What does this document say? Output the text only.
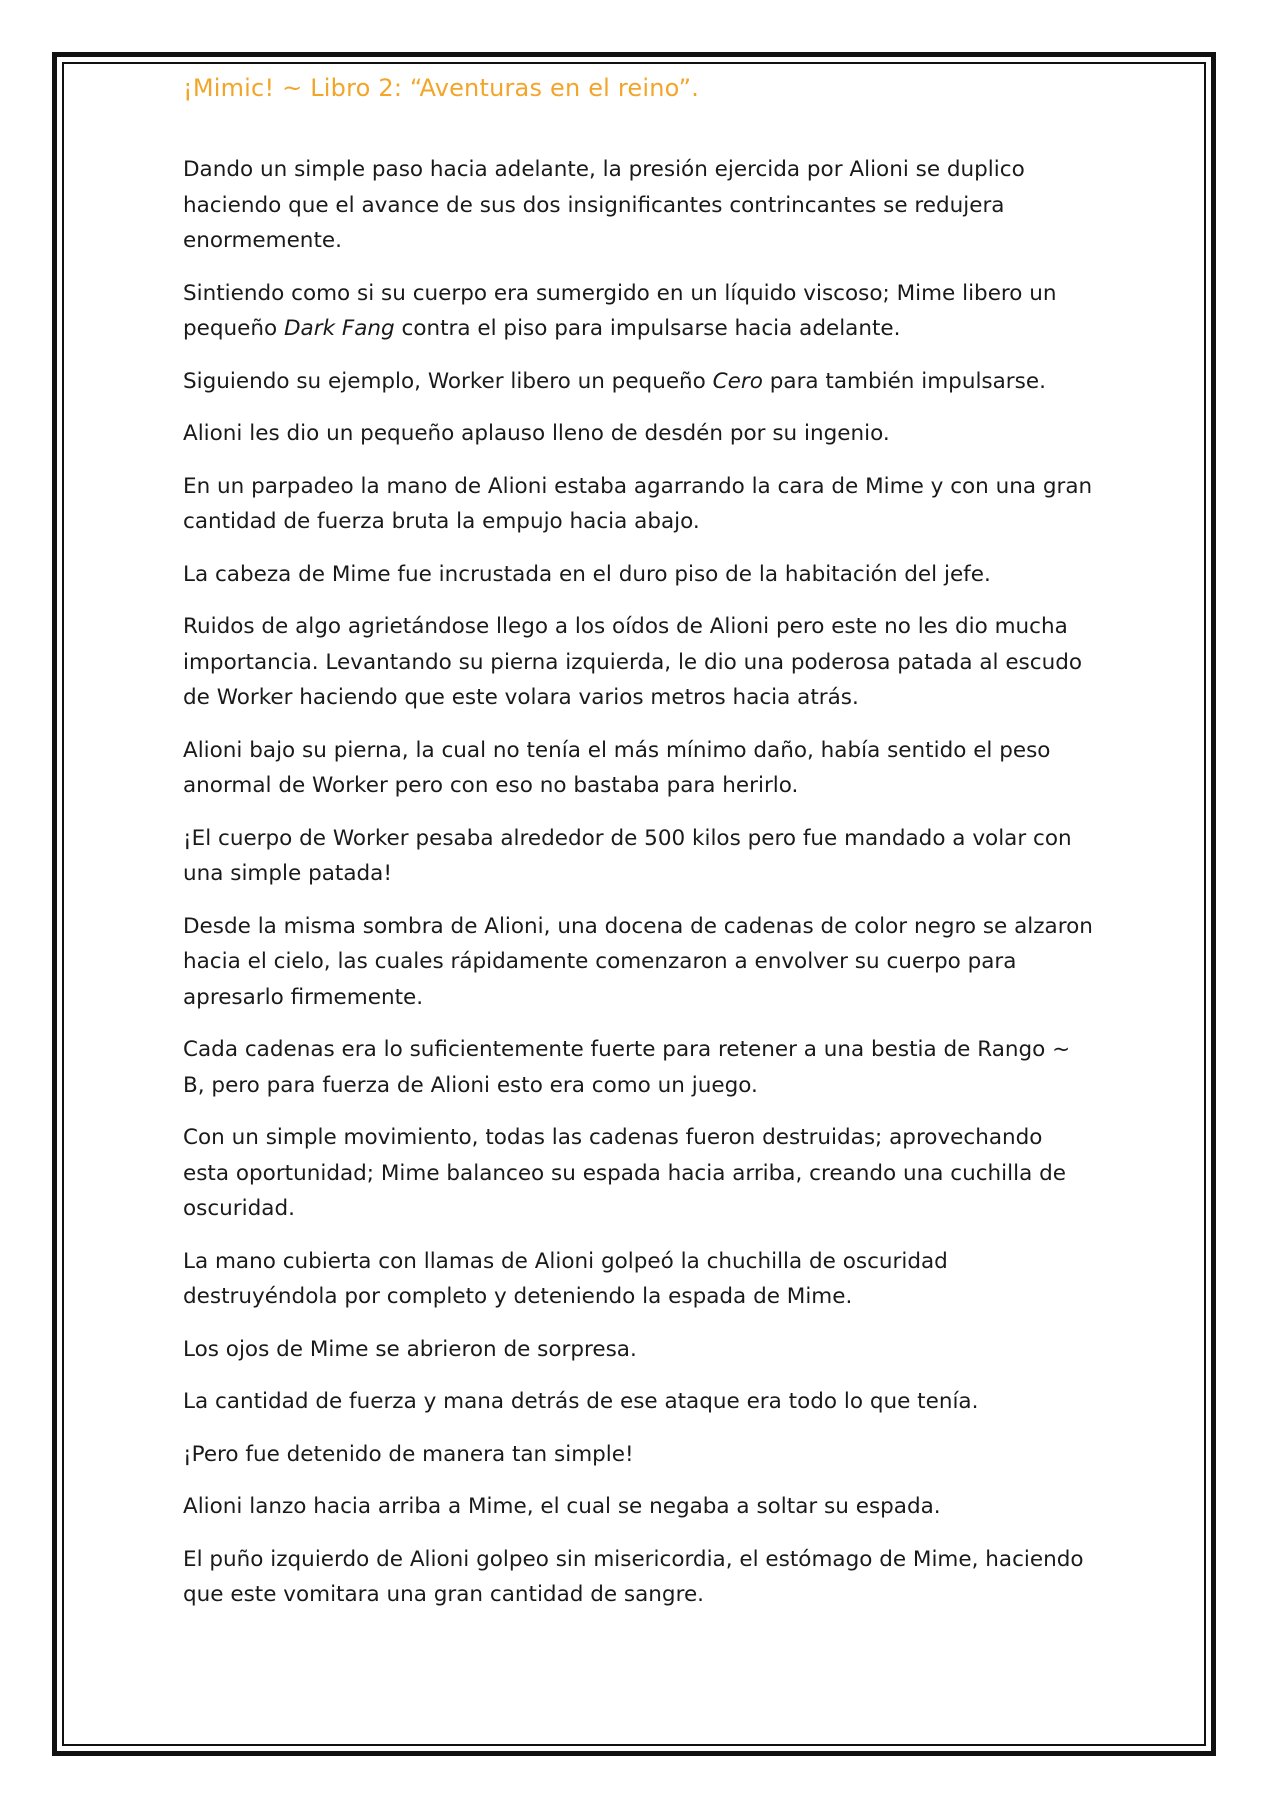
¡Mimic! ~ Libro 2: “Aventuras en el reino”.

Dando un simple paso hacia adelante, la presión ejercida por Alioni se duplico haciendo que el avance de sus dos insignificantes contrincantes se redujera enormemente.

Sintiendo como si su cuerpo era sumergido en un líquido viscoso; Mime libero un pequeño Dark Fang contra el piso para impulsarse hacia adelante.

Siguiendo su ejemplo, Worker libero un pequeño Cero para también impulsarse.

Alioni les dio un pequeño aplauso lleno de desdén por su ingenio.

En un parpadeo la mano de Alioni estaba agarrando la cara de Mime y con una gran cantidad de fuerza bruta la empujo hacia abajo.

La cabeza de Mime fue incrustada en el duro piso de la habitación del jefe.

Ruidos de algo agrietándose llego a los oídos de Alioni pero este no les dio mucha importancia. Levantando su pierna izquierda, le dio una poderosa patada al escudo de Worker haciendo que este volara varios metros hacia atrás.

Alioni bajo su pierna, la cual no tenía el más mínimo daño, había sentido el peso anormal de Worker pero con eso no bastaba para herirlo.

¡El cuerpo de Worker pesaba alrededor de 500 kilos pero fue mandado a volar con una simple patada!

Desde la misma sombra de Alioni, una docena de cadenas de color negro se alzaron hacia el cielo, las cuales rápidamente comenzaron a envolver su cuerpo para apresarlo firmemente.

Cada cadenas era lo suficientemente fuerte para retener a una bestia de Rango ~ B, pero para fuerza de Alioni esto era como un juego.

Con un simple movimiento, todas las cadenas fueron destruidas; aprovechando esta oportunidad; Mime balanceo su espada hacia arriba, creando una cuchilla de oscuridad.

La mano cubierta con llamas de Alioni golpeó la chuchilla de oscuridad destruyéndola por completo y deteniendo la espada de Mime.

Los ojos de Mime se abrieron de sorpresa.

La cantidad de fuerza y mana detrás de ese ataque era todo lo que tenía.

¡Pero fue detenido de manera tan simple!

Alioni lanzo hacia arriba a Mime, el cual se negaba a soltar su espada.

El puño izquierdo de Alioni golpeo sin misericordia, el estómago de Mime, haciendo que este vomitara una gran cantidad de sangre.
